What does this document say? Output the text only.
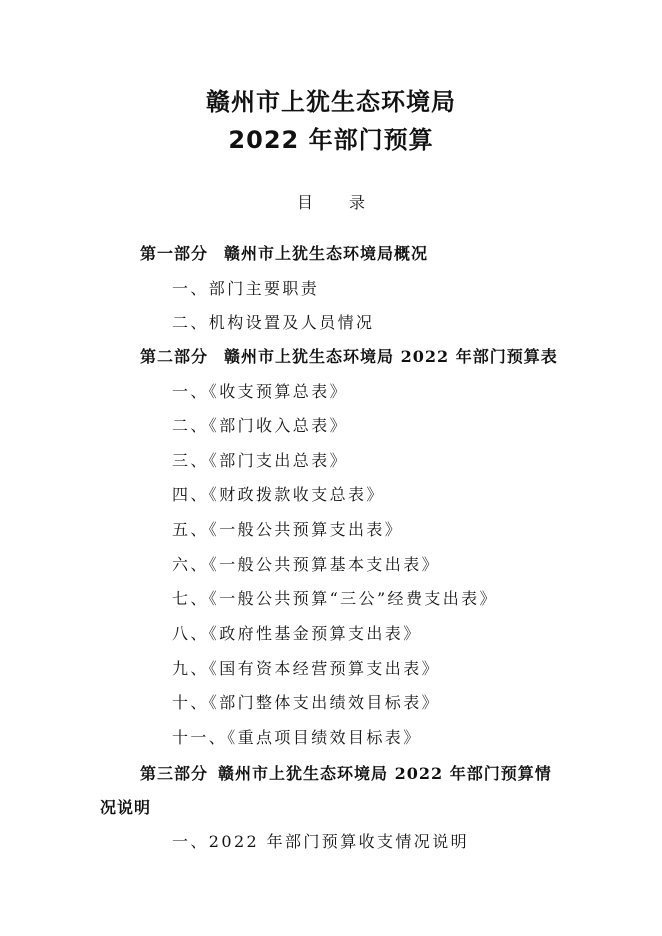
赣州市上犹生态环境局
2022 年部门预算
目 录
第一部分 赣州市上犹生态环境局概况
一、部门主要职责
二、机构设置及人员情况
第二部分 赣州市上犹生态环境局 2022 年部门预算表
一、《收支预算总表》
二、《部门收入总表》
三、《部门支出总表》
四、《财政拨款收支总表》
五、《一般公共预算支出表》
六、《一般公共预算基本支出表》
七、《一般公共预算“三公”经费支出表》
八、《政府性基金预算支出表》
九、《国有资本经营预算支出表》
十、《部门整体支出绩效目标表》
十一、《重点项目绩效目标表》
第三部分 赣州市上犹生态环境局 2022 年部门预算情
况说明
一、2022 年部门预算收支情况说明
